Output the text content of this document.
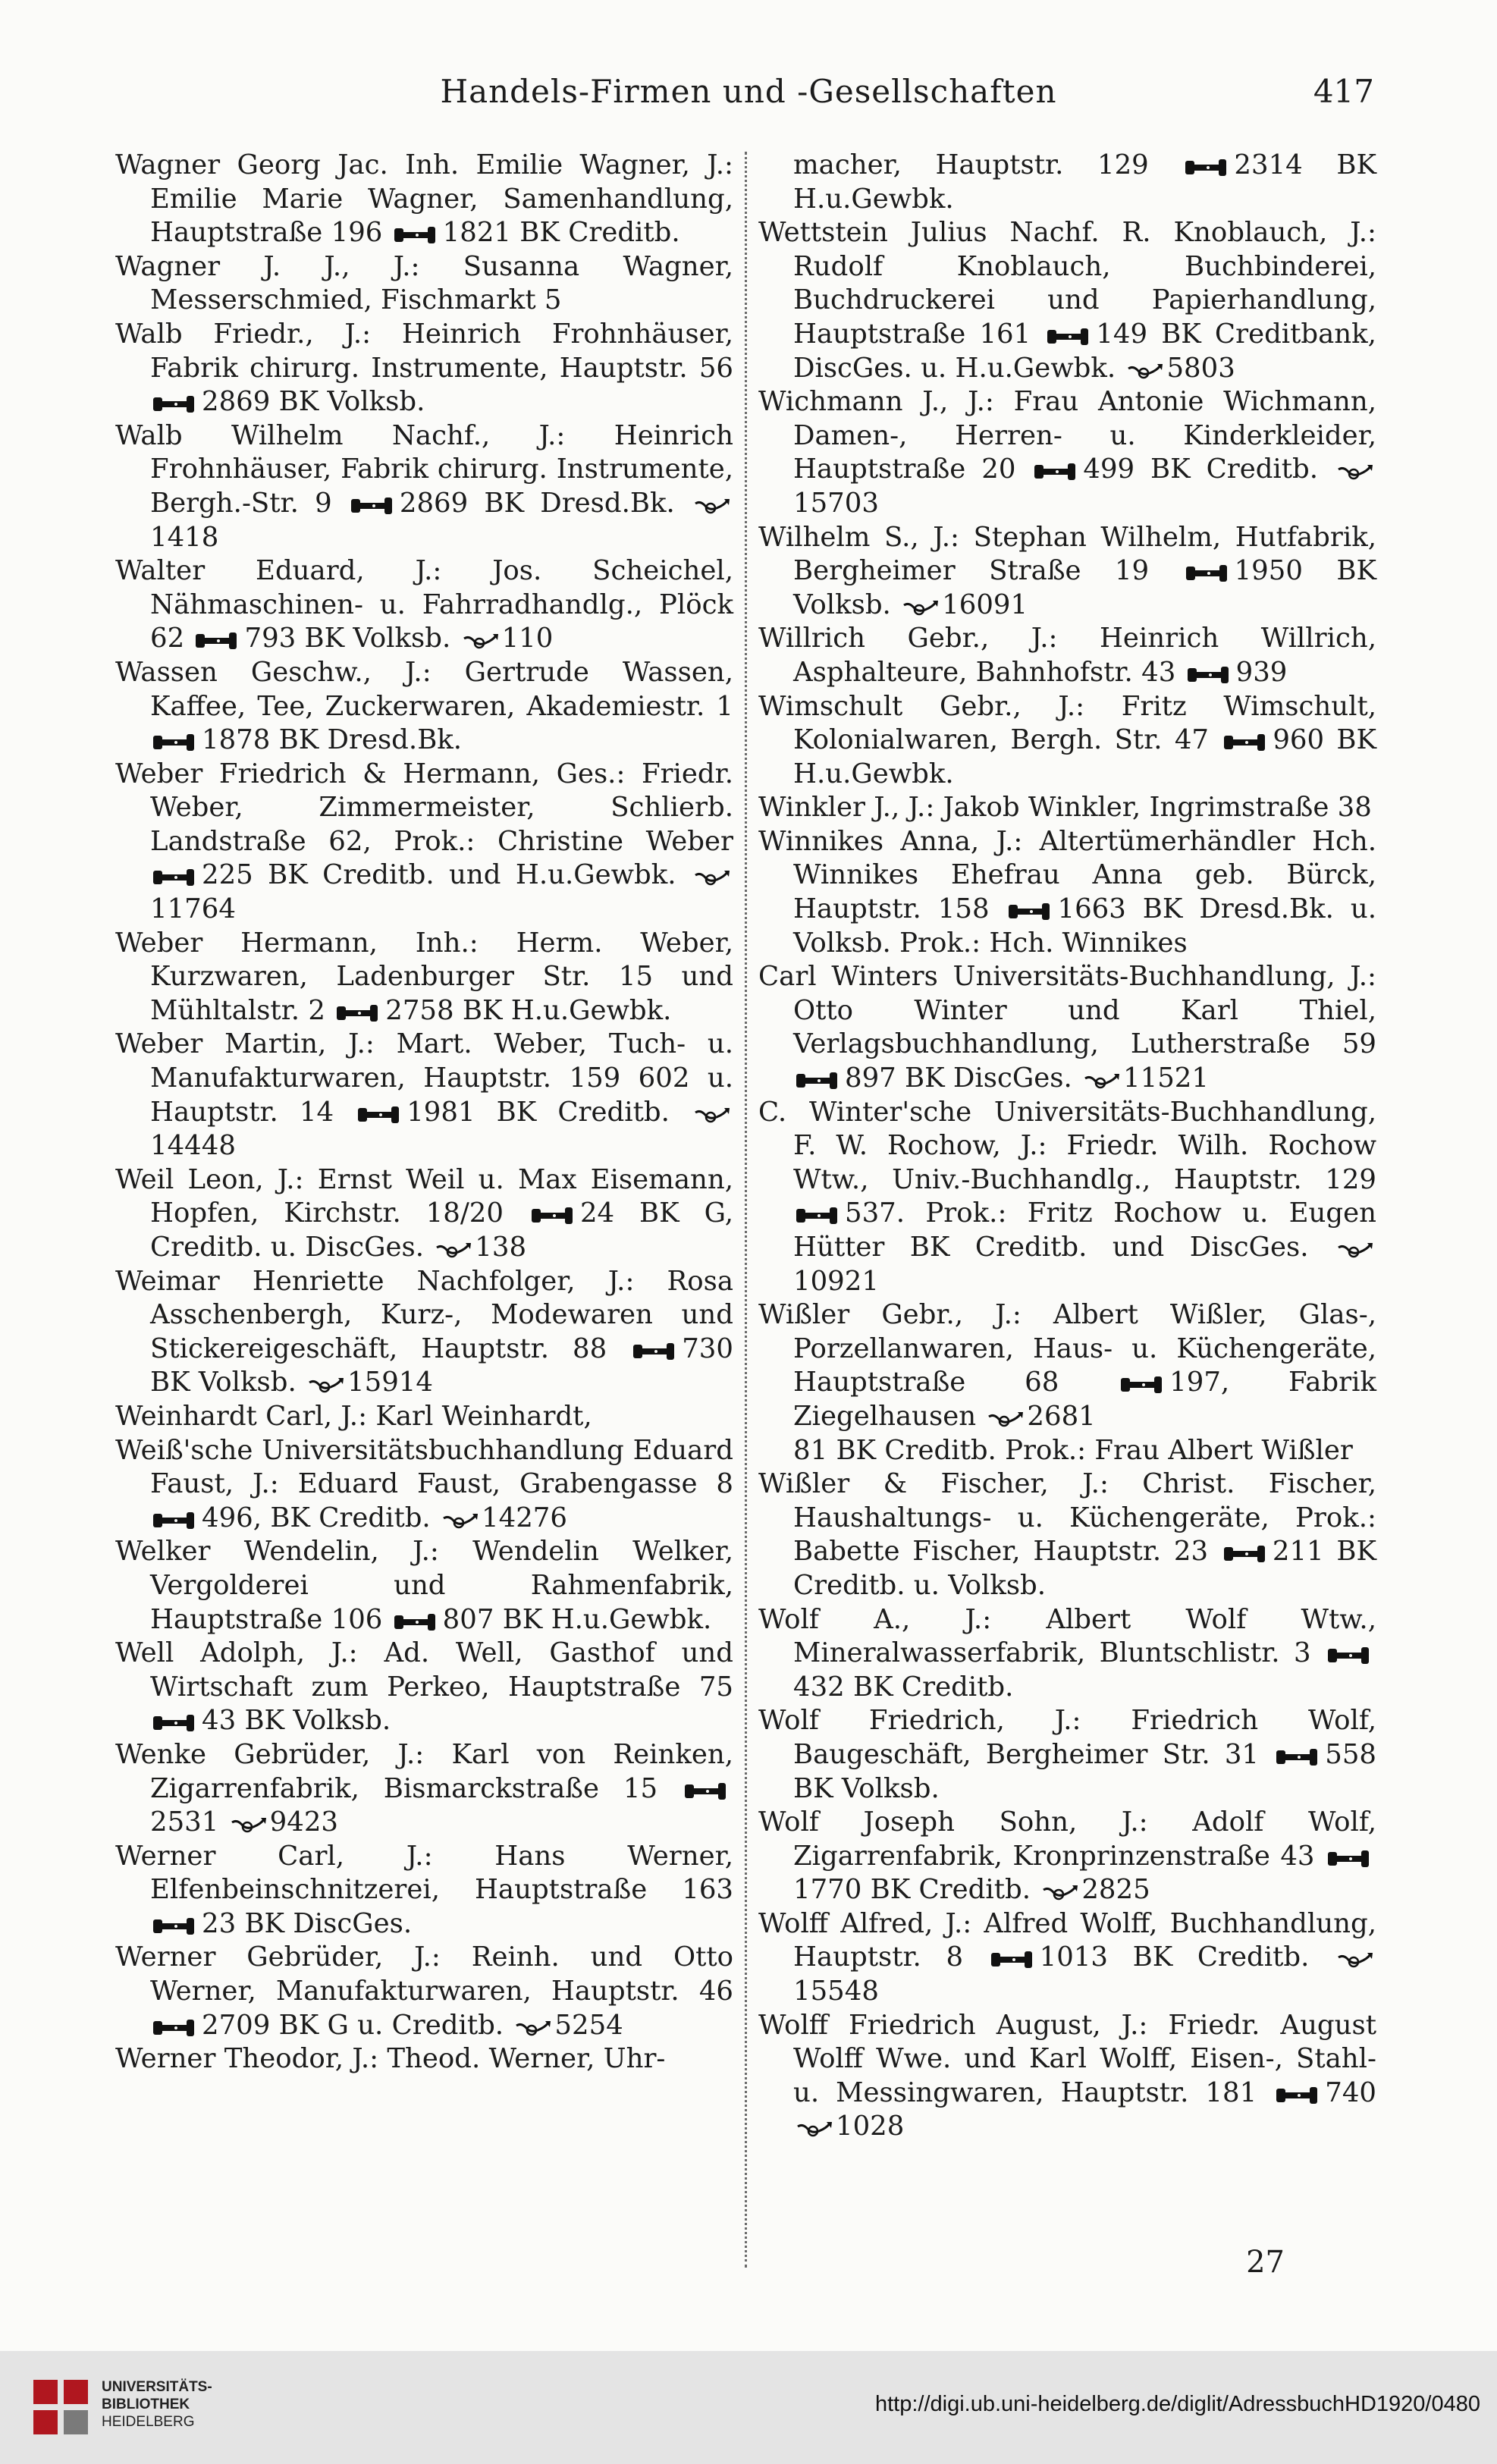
Handels-Firmen und -Gesellschaften	417

Wagner Georg Jac. Inh. Emilie Wagner, J.: Emilie Marie Wagner, Samenhandlung, Hauptstraße 196 1821 BK Creditb.

Wagner J. J., J.: Susanna Wagner, Messerschmied, Fischmarkt 5

Walb Friedr., J.: Heinrich Frohnhäuser, Fabrik chirurg. Instrumente, Hauptstr. 56 2869 BK Volksb.

Walb Wilhelm Nachf., J.: Heinrich Frohnhäuser, Fabrik chirurg. Instrumente, Bergh.-Str. 9	2869 BK Dresd.Bk. 1418

Walter Eduard, J.: Jos. Scheichel, Nähmaschinen- u. Fahrradhandlg., Plöck 62 793 BK Volksb. 110

Wassen Geschw., J.: Gertrude Wassen, Kaffee, Tee, Zuckerwaren, Akademiestr. 1 1878 BK Dresd.Bk.

Weber Friedrich & Hermann, Ges.: Friedr. Weber, Zimmermeister, Schlierb. Landstraße 62, Prok.: Christine Weber 225 BK Creditb. und H.u.Gewbk. 11764

Weber Hermann, Inh.: Herm. Weber, Kurzwaren, Ladenburger Str. 15 und Mühltalstr. 2 2758 BK H.u.Gewbk.

Weber Martin, J.: Mart. Weber, Tuch- u. Manufakturwaren, Hauptstr. 159 602 u. Hauptstr. 14	1981 BK Creditb. 14448

Weil Leon, J.: Ernst Weil u. Max Eisemann, Hopfen, Kirchstr. 18/20	24 BK G, Creditb. u. DiscGes. 138

Weimar Henriette Nachfolger, J.: Rosa Asschenbergh, Kurz-, Modewaren und Stickereigeschäft, Hauptstr. 88	730 BK Volksb. 15914

Weinhardt Carl, J.: Karl Weinhardt,

Weiß'sche Universitätsbuchhandlung Eduard Faust, J.: Eduard Faust, Grabengasse 8 496, BK Creditb. 14276

Welker Wendelin, J.: Wendelin Welker, Vergolderei und Rahmenfabrik, Hauptstraße 106 807 BK H.u.Gewbk.

Well Adolph, J.: Ad. Well, Gasthof und Wirtschaft zum Perkeo, Hauptstraße 75 43 BK Volksb.

Wenke Gebrüder, J.: Karl von Reinken, Zigarrenfabrik, Bismarckstraße 15 2531 9423

Werner Carl, J.: Hans Werner, Elfenbeinschnitzerei, Hauptstraße 163 23 BK DiscGes.

Werner Gebrüder, J.: Reinh. und Otto Werner, Manufakturwaren, Hauptstr. 46 2709 BK G u. Creditb. 5254

Werner Theodor, J.: Theod. Werner, Uhr-

macher, Hauptstr. 129	2314 BK H.u.Gewbk.

Wettstein Julius Nachf. R. Knoblauch, J.: Rudolf Knoblauch, Buchbinderei, Buchdruckerei und Papierhandlung, Hauptstraße 161 149 BK Creditbank, DiscGes. u. H.u.Gewbk. 5803

Wichmann J., J.: Frau Antonie Wichmann, Damen-, Herren- u. Kinderkleider, Hauptstraße 20	499 BK Creditb. 15703

Wilhelm S., J.: Stephan Wilhelm, Hutfabrik, Bergheimer Straße 19	1950 BK Volksb. 16091

Willrich Gebr., J.: Heinrich Willrich, Asphalteure, Bahnhofstr. 43 939

Wimschult Gebr., J.: Fritz Wimschult, Kolonialwaren, Bergh. Str. 47 960 BK H.u.Gewbk.

Winkler J., J.: Jakob Winkler, Ingrimstraße 38

Winnikes Anna, J.: Altertümerhändler Hch. Winnikes Ehefrau Anna geb. Bürck, Hauptstr. 158	1663 BK Dresd.Bk. u. Volksb. Prok.: Hch. Winnikes

Carl Winters Universitäts-Buchhandlung, J.: Otto Winter und Karl Thiel, Verlagsbuchhandlung, Lutherstraße 59 897 BK DiscGes. 11521

C. Winter'sche Universitäts-Buchhandlung, F. W. Rochow, J.: Friedr. Wilh. Rochow Wtw., Univ.-Buchhandlg., Hauptstr. 129 537. Prok.: Fritz Rochow u. Eugen Hütter BK Creditb. und DiscGes. 10921

Wißler Gebr., J.: Albert Wißler, Glas-, Porzellanwaren, Haus- u. Küchengeräte, Hauptstraße 68	197, Fabrik Ziegelhausen 2681

81 BK Creditb. Prok.: Frau Albert Wißler

Wißler & Fischer, J.: Christ. Fischer, Haushaltungs- u. Küchengeräte, Prok.: Babette Fischer, Hauptstr. 23 211 BK Creditb. u. Volksb.

Wolf A., J.: Albert Wolf Wtw., Mineralwasserfabrik, Bluntschlistr. 3 432 BK Creditb.

Wolf Friedrich, J.: Friedrich Wolf, Baugeschäft, Bergheimer Str. 31 558 BK Volksb.

Wolf Joseph Sohn, J.: Adolf Wolf, Zigarrenfabrik, Kronprinzenstraße 43 1770 BK Creditb. 2825

Wolff Alfred, J.: Alfred Wolff, Buchhandlung, Hauptstr. 8	1013 BK Creditb. 15548

Wolff Friedrich August, J.: Friedr. August Wolff Wwe. und Karl Wolff, Eisen-, Stahl- u. Messingwaren, Hauptstr. 181	740 1028

27
UNIVERSITÄTS-
BIBLIOTHEK
HEIDELBERG
http://digi.ub.uni-heidelberg.de/diglit/AdressbuchHD1920/0480
